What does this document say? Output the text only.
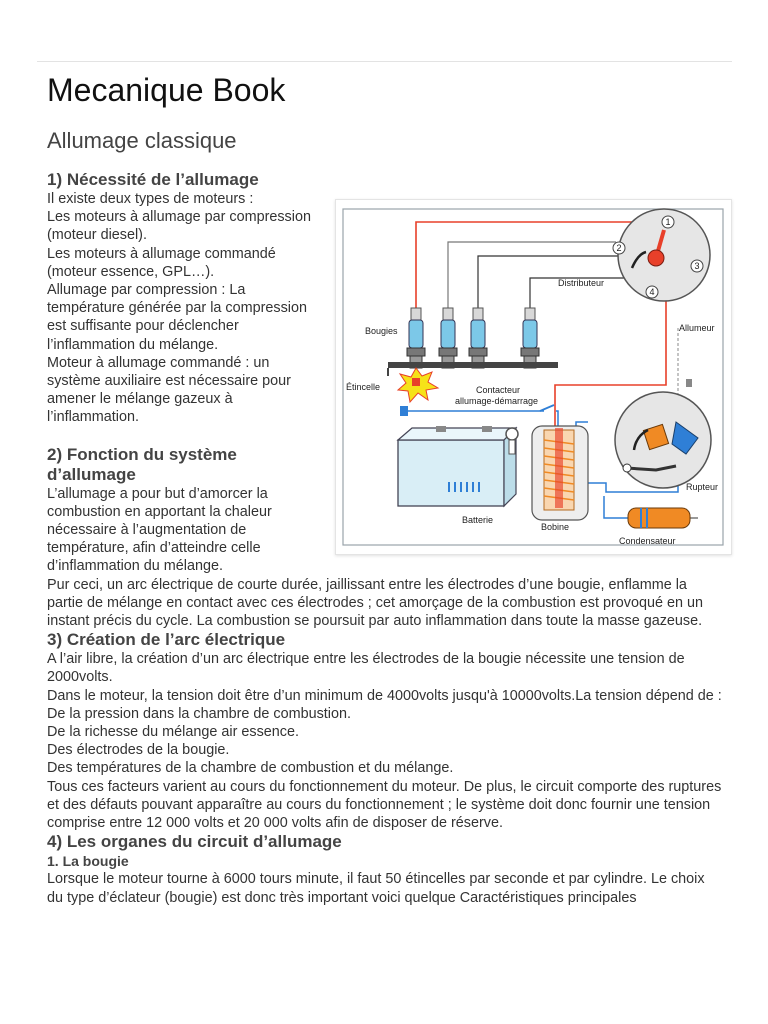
Mecanique Book
Allumage classique
1) Nécessité de l’allumage
1
2
3
4
Distributeur
Allumeur
Bougies
Étincelle	Contacteur
allumage-démarrage
Rupteur
Batterie
Bobine
Condensateur

Il existe deux types de moteurs :

Les moteurs à allumage par compression (moteur diesel).

Les moteurs à allumage commandé (moteur essence, GPL…).

Allumage par compression : La température générée par la compression est suffisante pour déclencher l’inflammation du mélange.

Moteur à allumage commandé : un système auxiliaire est nécessaire pour amener le mélange gazeux à l’inflammation.

2) Fonction du système d’allumage

L’allumage a pour but d’amorcer la combustion en apportant la chaleur nécessaire à l’augmentation de température, afin d’atteindre celle d’inflammation du mélange.

Pur ceci, un arc électrique de courte durée, jaillissant entre les électrodes d’une bougie, enflamme la partie de mélange en contact avec ces électrodes ; cet amorçage de la combustion est provoqué en un instant précis du cycle. La combustion se poursuit par auto inflammation dans toute la masse gazeuse.

3) Création de l’arc électrique

A l’air libre, la création d’un arc électrique entre les électrodes de la bougie nécessite une tension de 2000volts.

Dans le moteur, la tension doit être d’un minimum de 4000volts jusqu'à 10000volts.La tension dépend de :

De la pression dans la chambre de combustion.

De la richesse du mélange air essence.

Des électrodes de la bougie.

Des températures de la chambre de combustion et du mélange.

Tous ces facteurs varient au cours du fonctionnement du moteur. De plus, le circuit comporte des ruptures et des défauts pouvant apparaître au cours du fonctionnement ; le système doit donc fournir une tension comprise entre 12 000 volts et 20 000 volts afin de disposer de réserve.

4) Les organes du circuit d’allumage
1. La bougie

Lorsque le moteur tourne à 6000 tours minute, il faut 50 étincelles par seconde et par cylindre. Le choix du type d’éclateur (bougie) est donc très important voici quelque Caractéristiques principales
